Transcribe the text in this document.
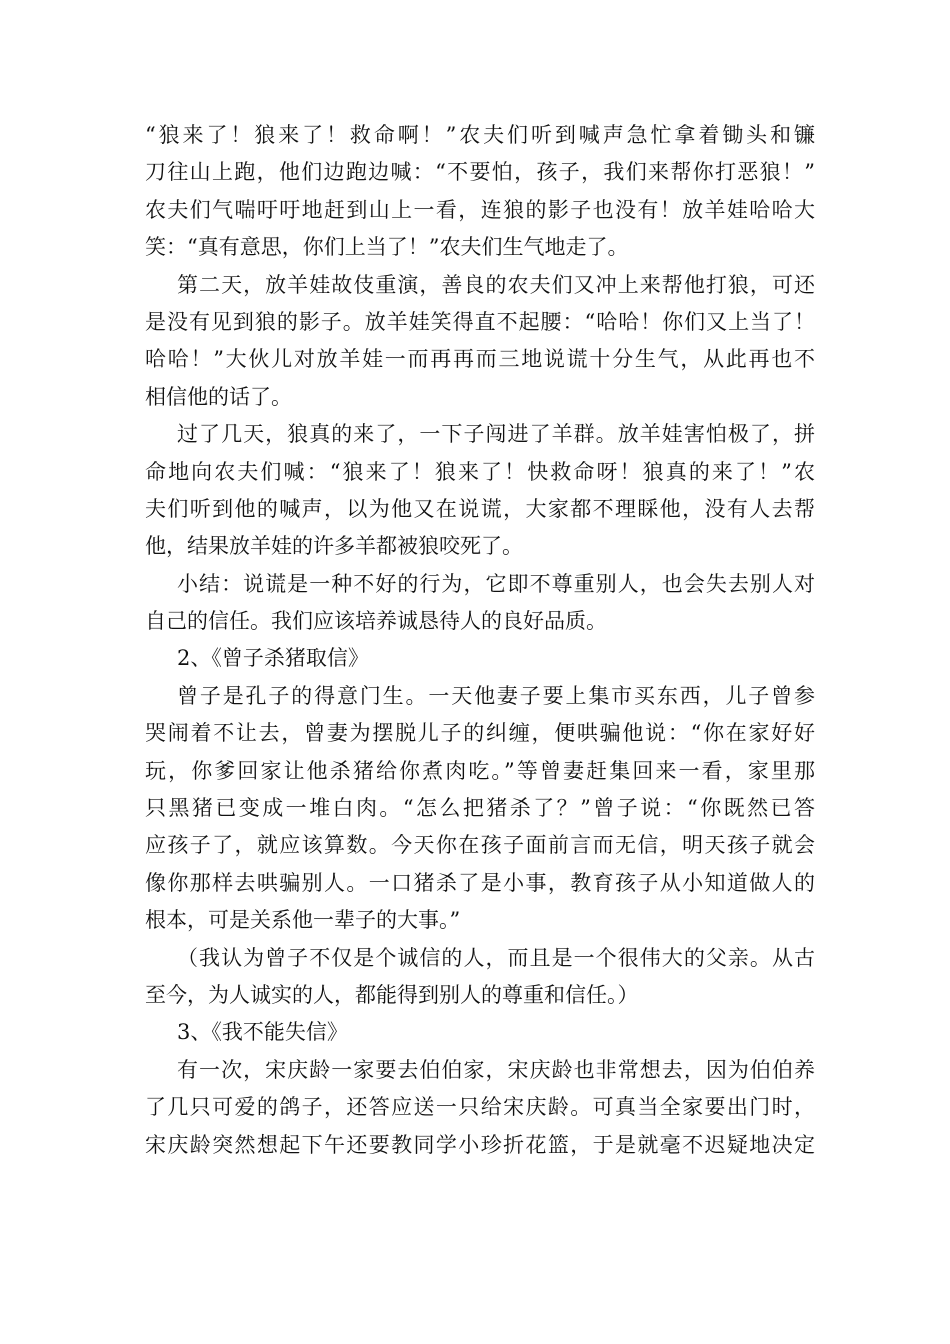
“狼来了！狼来了！救命啊！”农夫们听到喊声急忙拿着锄头和镰
刀往山上跑，他们边跑边喊：“不要怕，孩子，我们来帮你打恶狼！”
农夫们气喘吁吁地赶到山上一看，连狼的影子也没有！放羊娃哈哈大
笑：“真有意思，你们上当了！”农夫们生气地走了。
第二天，放羊娃故伎重演，善良的农夫们又冲上来帮他打狼，可还
是没有见到狼的影子。放羊娃笑得直不起腰：“哈哈！你们又上当了！
哈哈！”大伙儿对放羊娃一而再再而三地说谎十分生气，从此再也不
相信他的话了。
过了几天，狼真的来了，一下子闯进了羊群。放羊娃害怕极了，拼
命地向农夫们喊：“狼来了！狼来了！快救命呀！狼真的来了！”农
夫们听到他的喊声，以为他又在说谎，大家都不理睬他，没有人去帮
他，结果放羊娃的许多羊都被狼咬死了。
小结：说谎是一种不好的行为，它即不尊重别人，也会失去别人对
自己的信任。我们应该培养诚恳待人的良好品质。
2、《曾子杀猪取信》
曾子是孔子的得意门生。一天他妻子要上集市买东西，儿子曾参
哭闹着不让去，曾妻为摆脱儿子的纠缠，便哄骗他说：“你在家好好
玩，你爹回家让他杀猪给你煮肉吃。”等曾妻赶集回来一看，家里那
只黑猪已变成一堆白肉。“怎么把猪杀了？”曾子说：“你既然已答
应孩子了，就应该算数。今天你在孩子面前言而无信，明天孩子就会
像你那样去哄骗别人。一口猪杀了是小事，教育孩子从小知道做人的
根本，可是关系他一辈子的大事。”
（我认为曾子不仅是个诚信的人，而且是一个很伟大的父亲。从古
至今，为人诚实的人，都能得到别人的尊重和信任。）
3、《我不能失信》
有一次，宋庆龄一家要去伯伯家，宋庆龄也非常想去，因为伯伯养
了几只可爱的鸽子，还答应送一只给宋庆龄。可真当全家要出门时，
宋庆龄突然想起下午还要教同学小珍折花篮，于是就毫不迟疑地决定
